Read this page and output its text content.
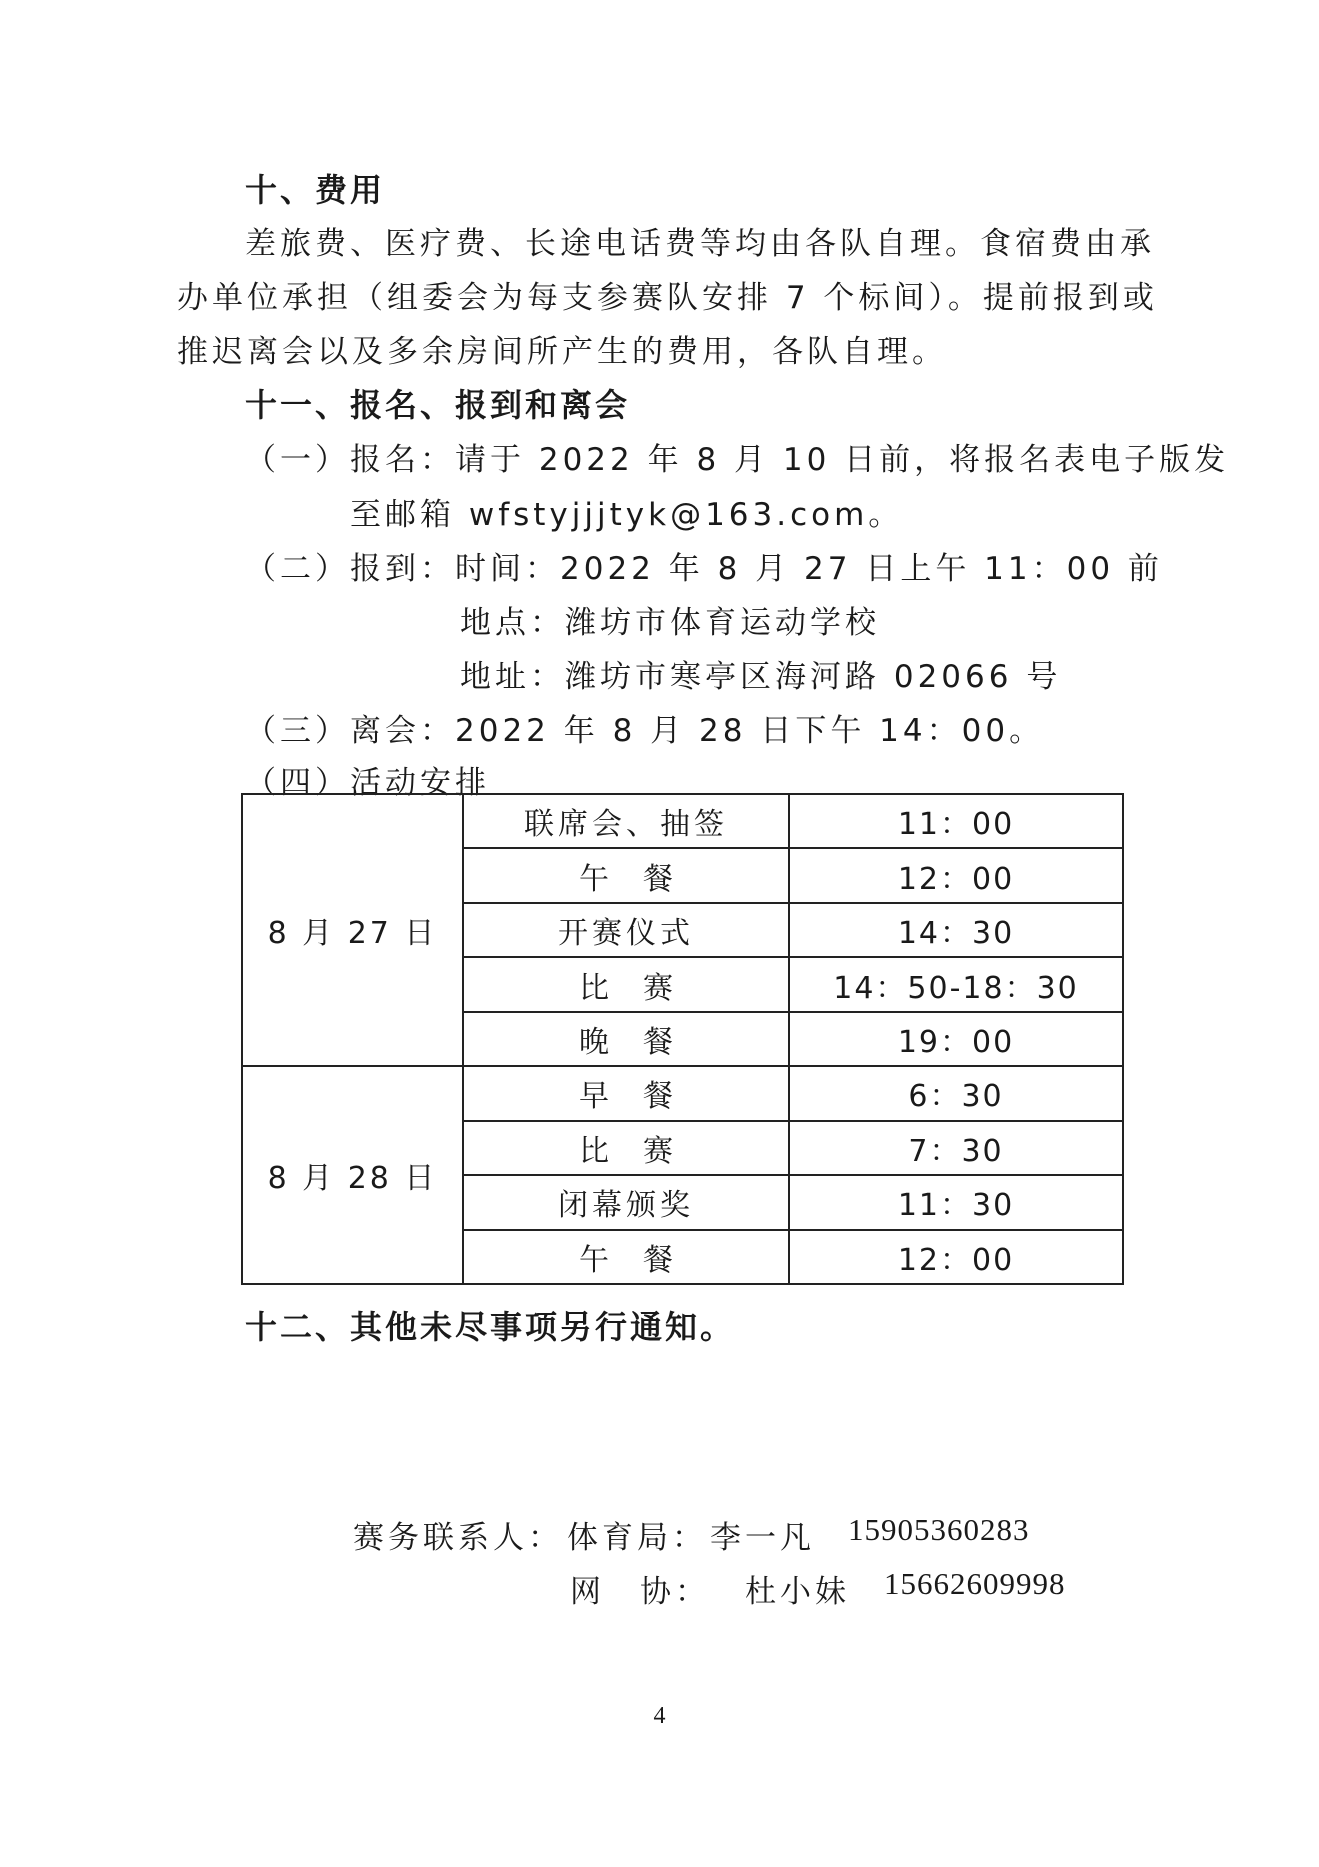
十、费用
差旅费、医疗费、长途电话费等均由各队自理。食宿费由承
办单位承担（组委会为每支参赛队安排 7 个标间）。提前报到或
推迟离会以及多余房间所产生的费用，各队自理。
十一、报名、报到和离会
（一）报名：请于 2022 年 8 月 10 日前，将报名表电子版发
至邮箱 wfstyjjjtyk@163.com。
（二）报到：时间：2022 年 8 月 27 日上午 11：00 前
地点：潍坊市体育运动学校
地址：潍坊市寒亭区海河路 02066 号
（三）离会：2022 年 8 月 28 日下午 14：00。
（四）活动安排
8 月 27 日	联席会、抽签	11：00
	午餐	12：00
	开赛仪式	14：30
	比赛	14：50-18：30
	晚餐	19：00
8 月 28 日	早餐	6：30
	比赛	7：30
	闭幕颁奖	11：30
	午餐	12：00
十二、其他未尽事项另行通知。
赛务联系人： 体育局： 李一凡 15905360283
网　协： 杜小妹 15662609998
4
